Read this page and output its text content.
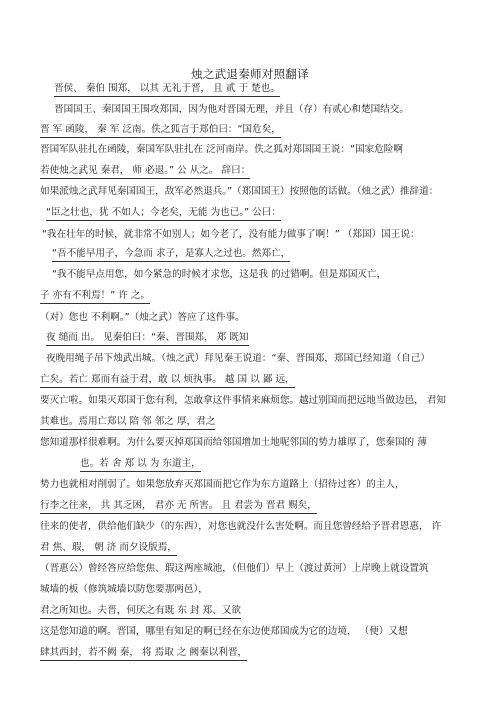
烛之武退秦师对照翻译
晋侯、 秦伯 围郑， 以其 无礼于晋， 且 贰 于 楚也。
晋国国王、秦国国王围攻郑国，因为他对晋国无理，并且（存）有贰心和楚国结交。
晋 军 函陵， 秦 军 泛南。佚之狐言于郑伯曰：“国危矣，
晋国军队驻扎在函陵，秦国军队驻扎在 泛河南岸。佚之狐对郑国国王说：“国家危险啊
若使烛之武见 秦君， 师 必退。” 公 从之。 辞曰：
如果派烛之武拜见秦国国王，敌军必然退兵。”（郑国国王）按照他的话做。（烛之武）推辞道：
“臣之壮也，犹 不如人；今老矣，无能 为也已。” 公曰：
“我在壮年的时候，就非常不如别人；如今老了，没有能力做事了啊！” （郑国）国王说：
“吾不能早用子，今急而 求子，是寡人之过也。然郑亡，
“我不能早点用您，如今紧急的时候才求您，这是我 的过错啊。但是郑国灭亡，
子 亦有不利焉！” 许 之。
（对）您也 不利啊。”（烛之武）答应了这件事。
夜 缒而 出。 见秦伯曰：“秦、晋围郑， 郑 既知
夜晚用绳子吊下烛武出城。（烛之武）拜见秦王说道：“秦、晋围郑，郑国已经知道（自己）
亡矣。若亡 郑而有益于君，敢 以 烦执事。 越 国 以 鄙 远，
要灭亡啦。如果灭郑国于您有利，怎敢拿这件事情来麻烦您。越过别国而把远地当做边邑， 君知
其难也。焉用亡郑以 陪 邻 邻之 厚，君之
您知道那样很难啊。为什么要灭掉郑国而给邻国增加土地呢邻国的势力雄厚了，您秦国的 薄
也。若 舍 郑 以 为 东道主，
势力也就相对削弱了。如果您放弃灭郑国而把它作为东方道路上（招待过客）的主人，
行李之往来， 共 其乏困， 君亦 无 所害。 且 君尝为 晋君 赐矣，
往来的使者，供给他们缺少（的东西），对您也就没什么害处啊。而且您曾经给予晋君恩惠， 许
君 焦、瑕， 朝 济 而夕设版焉，
（晋惠公）曾经答应给您焦、瑕这两座城池，（但他们）早上（渡过黄河）上岸晚上就设置筑
城墙的板（修筑城墙以防您要那两邑），
君之所知也。夫晋，何厌之有既 东 封 郑、又欲
这是您知道的啊。晋国，哪里有知足的啊已经在东边使郑国成为它的边境， （便）又想
肆其西封，若不阙 秦， 将 焉取 之 阙秦以利晋，
